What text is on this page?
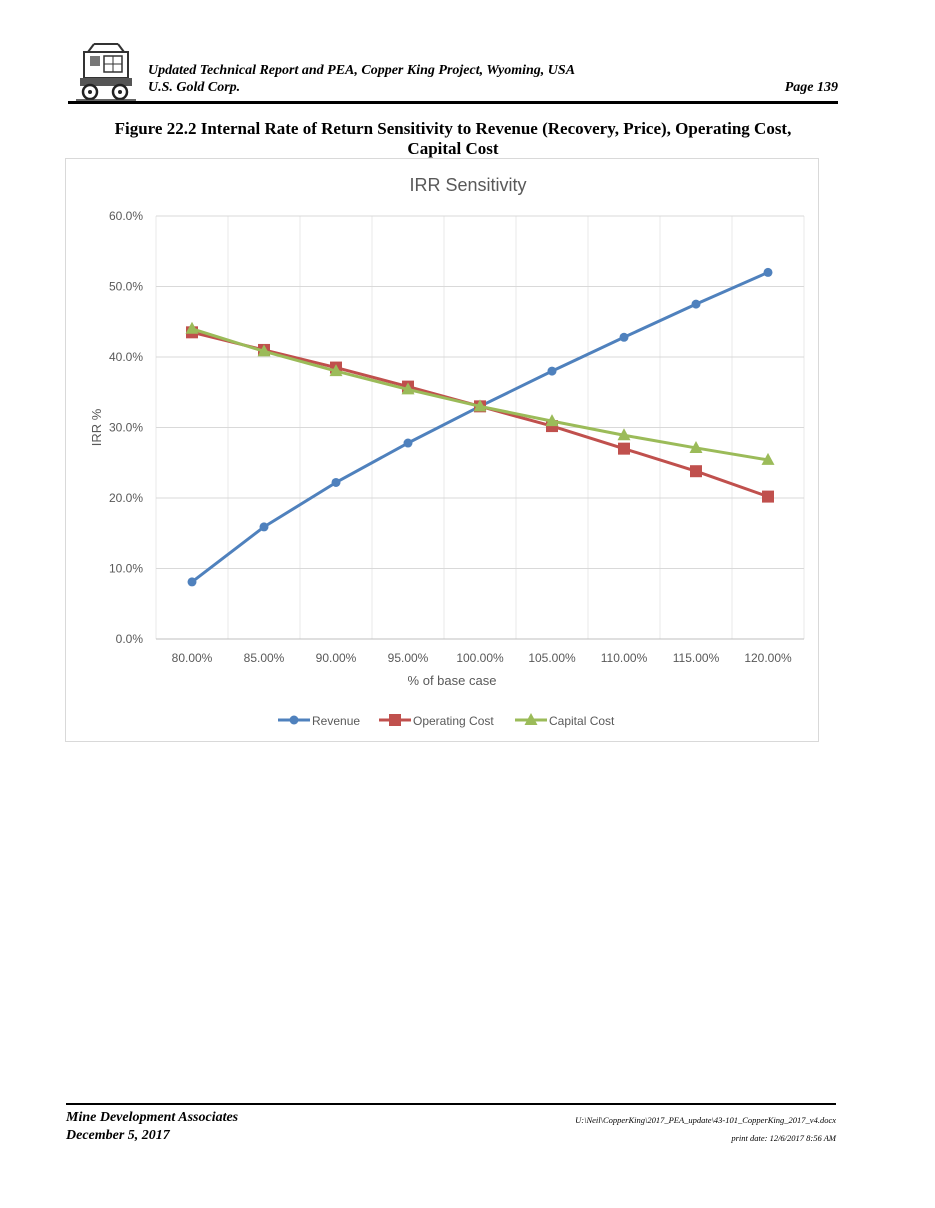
Updated Technical Report and PEA, Copper King Project, Wyoming, USA
U.S. Gold Corp.	Page 139
Figure 22.2 Internal Rate of Return Sensitivity to Revenue (Recovery, Price), Operating Cost,
Capital Cost
IRR Sensitivity
0.0%
10.0%
20.0%
30.0%
40.0%
50.0%
60.0%
80.00%	85.00%	90.00%	95.00% 100.00% 105.00% 110.00% 115.00% 120.00%
% of base case
IRR %
Revenue	Operating Cost	Capital Cost
Mine Development Associates
December 5, 2017
U:\Neil\CopperKing\2017_PEA_update\43-101_CopperKing_2017_v4.docx
print date: 12/6/2017 8:56 AM
